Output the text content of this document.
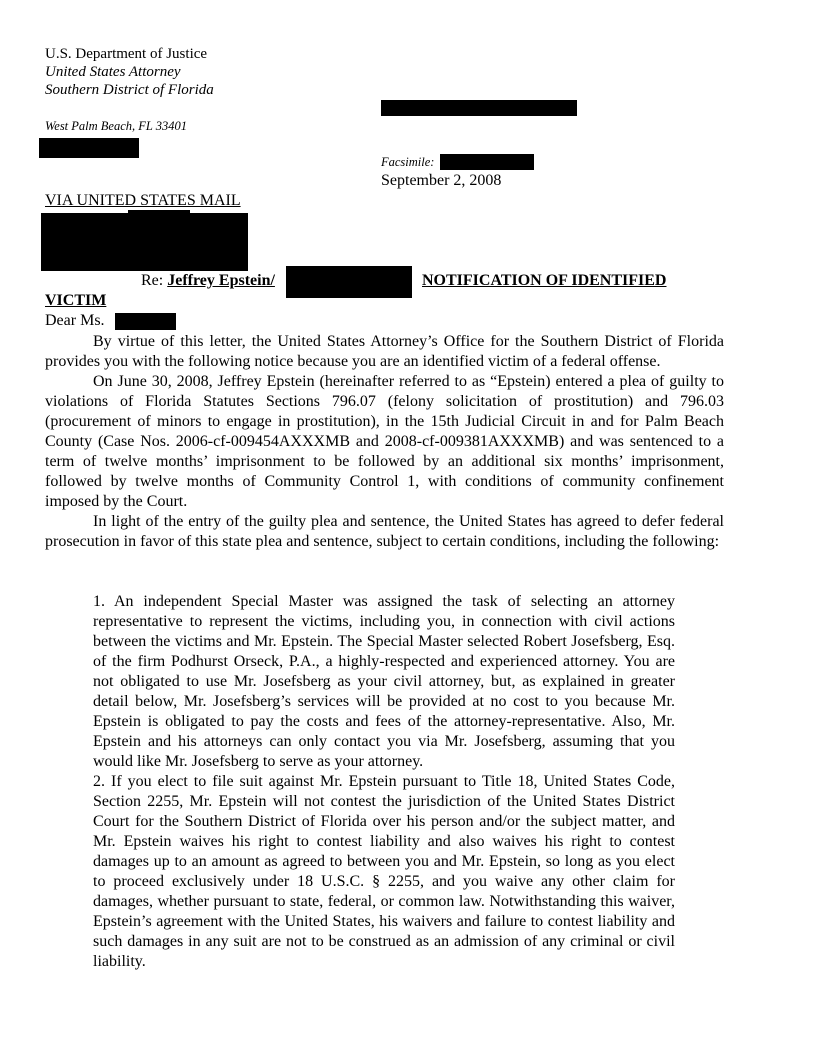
U.S. Department of Justice
United States Attorney
Southern District of Florida
West Palm Beach, FL 33401
Facsimile:
September 2, 2008
VIA UNITED STATES MAIL
Re: Jeffrey Epstein/	NOTIFICATION OF IDENTIFIED
VICTIM
Dear Ms.

By virtue of this letter, the United States Attorney’s Office for the Southern District of Florida provides you with the following notice because you are an identified victim of a federal offense.

On June 30, 2008, Jeffrey Epstein (hereinafter referred to as “Epstein) entered a plea of guilty to violations of Florida Statutes Sections 796.07 (felony solicitation of prostitution) and 796.03 (procurement of minors to engage in prostitution), in the 15th Judicial Circuit in and for Palm Beach County (Case Nos. 2006-cf-009454AXXXMB and 2008-cf-009381AXXXMB) and was sentenced to a term of twelve months’ imprisonment to be followed by an additional six months’ imprisonment, followed by twelve months of Community Control 1, with conditions of community confinement imposed by the Court.

In light of the entry of the guilty plea and sentence, the United States has agreed to defer federal prosecution in favor of this state plea and sentence, subject to certain conditions, including the following:

1. An independent Special Master was assigned the task of selecting an attorney representative to represent the victims, including you, in connection with civil actions between the victims and Mr. Epstein. The Special Master selected Robert Josefsberg, Esq. of the firm Podhurst Orseck, P.A., a highly-respected and experienced attorney. You are not obligated to use Mr. Josefsberg as your civil attorney, but, as explained in greater detail below, Mr. Josefsberg’s services will be provided at no cost to you because Mr. Epstein is obligated to pay the costs and fees of the attorney-representative. Also, Mr. Epstein and his attorneys can only contact you via Mr. Josefsberg, assuming that you would like Mr. Josefsberg to serve as your attorney.

2. If you elect to file suit against Mr. Epstein pursuant to Title 18, United States Code, Section 2255, Mr. Epstein will not contest the jurisdiction of the United States District Court for the Southern District of Florida over his person and/or the subject matter, and Mr. Epstein waives his right to contest liability and also waives his right to contest damages up to an amount as agreed to between you and Mr. Epstein, so long as you elect to proceed exclusively under 18 U.S.C. § 2255, and you waive any other claim for damages, whether pursuant to state, federal, or common law. Notwithstanding this waiver, Epstein’s agreement with the United States, his waivers and failure to contest liability and such damages in any suit are not to be construed as an admission of any criminal or civil liability.
